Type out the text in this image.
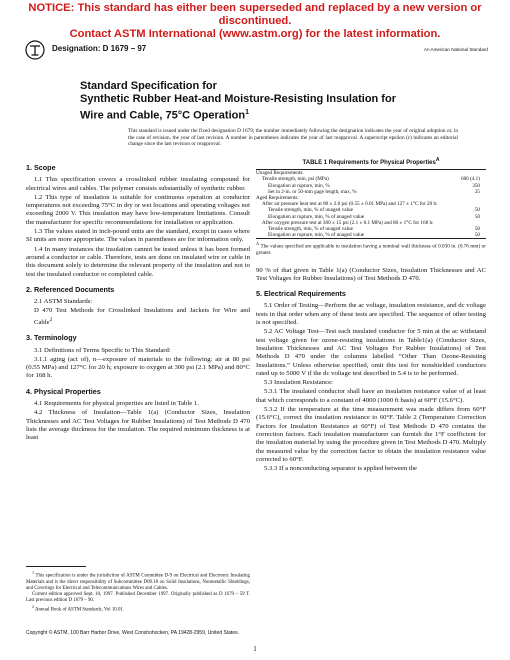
NOTICE: This standard has either been superseded and replaced by a new version or discontinued.
Contact ASTM International (www.astm.org) for the latest information.
Designation: D 1679 – 97	An American National Standard
Standard Specification for
Synthetic Rubber Heat-and Moisture-Resisting Insulation for
Wire and Cable, 75°C Operation$^1$
This standard is issued under the fixed designation D 1679; the number immediately following the designation indicates the year of original adoption or, in the case of revision, the year of last revision. A number in parentheses indicates the year of last reapproval. A superscript epsilon (ε) indicates an editorial change since the last revision or reapproval.
1. Scope

1.1 This specification covers a crosslinked rubber insulating compound for electrical wires and cables. The polymer consists substantially of synthetic rubber.

1.2 This type of insulation is suitable for continuous operation at conductor temperatures not exceeding 75°C in dry or wet locations and operating voltages not exceeding 2000 V. This insulation may have low-temperature limitations. Consult the manufacturer for specific recommendations for installation or application.

1.3 The values stated in inch-pound units are the standard, except in cases where SI units are more appropriate. The values in parentheses are for information only.

1.4 In many instances the insulation cannot be tested unless it has been formed around a conductor or cable. Therefore, tests are done on insulated wire or cable in this document solely to determine the relevant property of the insulation and not to test the insulated conductor or completed cable.

2. Referenced Documents

2.1 ASTM Standards:

D 470 Test Methods for Crosslinked Insulations and Jackets for Wire and Cable$^2$

3. Terminology

3.1 Definitions of Terms Specific to This Standard:

3.1.1 aging (act of), n—exposure of materials to the following: air at 80 psi (0.55 MPa) and 127°C for 20 h; exposure to oxygen at 300 psi (2.1 MPa) and 80°C for 168 h.

4. Physical Properties

4.1 Requirements for physical properties are listed in Table 1.

4.2 Thickness of Insulation—Table 1(a) (Conductor Sizes, Insulation Thicknesses and AC Test Voltages for Rubber Insulations) of Test Methods D 470 lists the average thickness for the insulation. The required minimum thickness is at least

TABLE 1 Requirements for Physical Properties$^A$
Unaged Requirements:
Tensile strength, min, psi (MPa)	600 (4.1)
Elongation at rupture, min, %	350
Set in 2-in. or 50-mm gage length, max, %	25
Aged Requirements:
After air pressure heat test at 80 ± 2.0 psi (0.55 ± 0.01 MPa) and 127 ± 1°C for 20 h:
Tensile strength, min, % of unaged value	50
Elongation at rupture, min, % of unaged value	50
After oxygen pressure test at 300 ± 15 psi (2.1 ± 0.1 MPa) and 80 ± 1°C for 168 h:
Tensile strength, min, % of unaged value	50
Elongation at rupture, min, % of unaged value	50
$^A$ The values specified are applicable to insulation having a nominal wall thickness of 0.030 in. (0.76 mm) or greater.

90 % of that given in Table 1(a) (Conductor Sizes, Insulation Thicknesses and AC Test Voltages for Rubber Insulations) of Test Methods D 470.

5. Electrical Requirements

5.1 Order of Testing—Perform the ac voltage, insulation resistance, and dc voltage tests in that order when any of these tests are specified. The sequence of other testing is not specified.

5.2 AC Voltage Test—Test each insulated conductor for 5 min at the ac withstand test voltage given for ozone-resisting insulations in Table1(a) (Conductor Sizes, Insulation Thicknesses and AC Test Voltages For Rubber Insulations) of Test Methods D 470 under the columns labelled “Other Than Ozone-Resisting Insulations.” Unless otherwise specified, omit this test for nonshielded conductors rated up to 5000 V if the dc voltage test described in 5.4 is to be performed.

5.3 Insulation Resistance:

5.3.1 The insulated conductor shall have an insulation resistance value of at least that which corresponds to a constant of 4000 (1000 ft basis) at 60°F (15.6°C).

5.3.2 If the temperature at the time measurement was made differs from 60°F (15.6°C), correct the insulation resistance to 60°F. Table 2 (Temperature Correction Factors for Insulation Resistance at 60°F) of Test Methods D 470 contains the correction factors. Each insulation manufacturer can furnish the 1°F coefficient for the insulation material by using the procedure given in Test Methods D 470. Multiply the measured value by the correction factor to obtain the insulation resistance value corrected to 60°F.

5.3.3 If a nonconducting separator is applied between the

$^1$ This specification is under the jurisdiction of ASTM Committee D-9 on Electrical and Electronic Insulating Materials and is the direct responsibility of Subcommittee D09.18 on Solid Insulations, Nonmetallic Shieldings, and Coverings for Electrical and Telecommunications Wires and Cables.

Current edition approved Sept. 10, 1997. Published December 1997. Originally published as D 1679 – 59 T. Last previous edition D 1679 – 90.

$^2$ Annual Book of ASTM Standards, Vol 10.01.

Copyright © ASTM, 100 Barr Harbor Drive, West Conshohocken, PA 19428-2959, United States.
1
